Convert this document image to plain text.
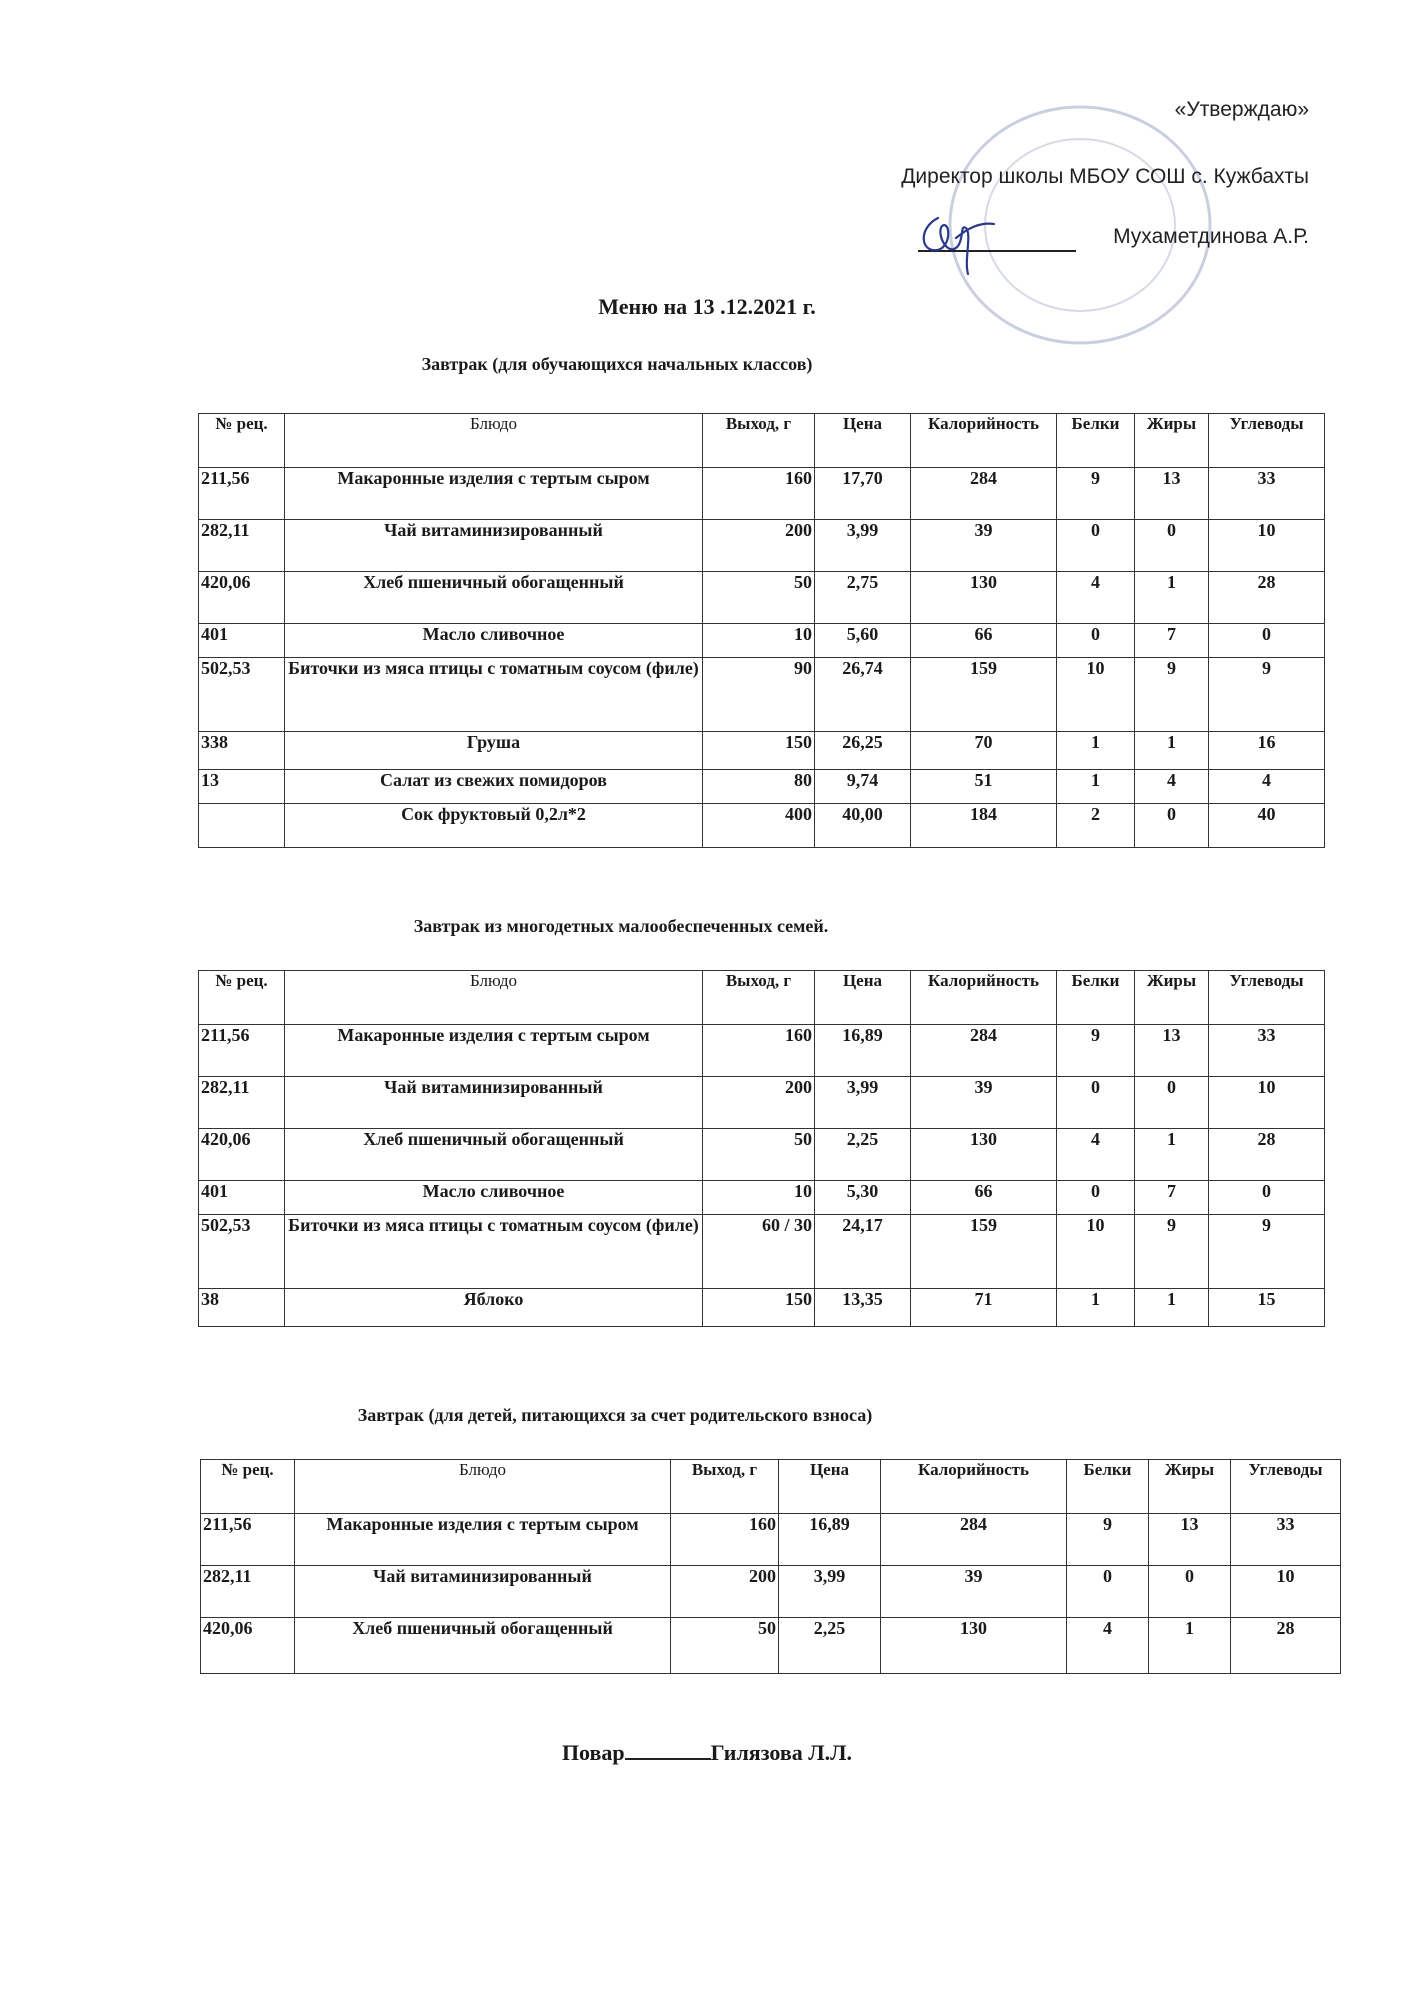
«Утверждаю»
Директор школы МБОУ СОШ с. Кужбахты
Мухаметдинова А.Р.
Меню на 13 .12.2021 г.
Завтрак (для обучающихся начальных классов)
№ рец.	Блюдо	Выход, г	Цена	Калорийность	Белки	Жиры	Углеводы
211,56	Макаронные изделия с тертым сыром	160	17,70	284	9	13	33
282,11	Чай витаминизированный	200	3,99	39	0	0	10
420,06	Хлеб пшеничный обогащенный	50	2,75	130	4	1	28
401	Масло сливочное	10	5,60	66	0	7	0
502,53	Биточки из мяса птицы с томатным соусом (филе)	90	26,74	159	10	9	9
338	Груша	150	26,25	70	1	1	16
13	Салат из свежих помидоров	80	9,74	51	1	4	4
	Сок фруктовый 0,2л*2	400	40,00	184	2	0	40
Завтрак из многодетных малообеспеченных семей.
№ рец.	Блюдо	Выход, г	Цена	Калорийность	Белки	Жиры	Углеводы
211,56	Макаронные изделия с тертым сыром	160	16,89	284	9	13	33
282,11	Чай витаминизированный	200	3,99	39	0	0	10
420,06	Хлеб пшеничный обогащенный	50	2,25	130	4	1	28
401	Масло сливочное	10	5,30	66	0	7	0
502,53	Биточки из мяса птицы с томатным соусом (филе)	60 / 30	24,17	159	10	9	9
38	Яблоко	150	13,35	71	1	1	15
Завтрак (для детей, питающихся за счет родительского взноса)
№ рец.	Блюдо	Выход, г	Цена	Калорийность	Белки	Жиры	Углеводы
211,56	Макаронные изделия с тертым сыром	160	16,89	284	9	13	33
282,11	Чай витаминизированный	200	3,99	39	0	0	10
420,06	Хлеб пшеничный обогащенный	50	2,25	130	4	1	28
Повар	Гилязова Л.Л.
